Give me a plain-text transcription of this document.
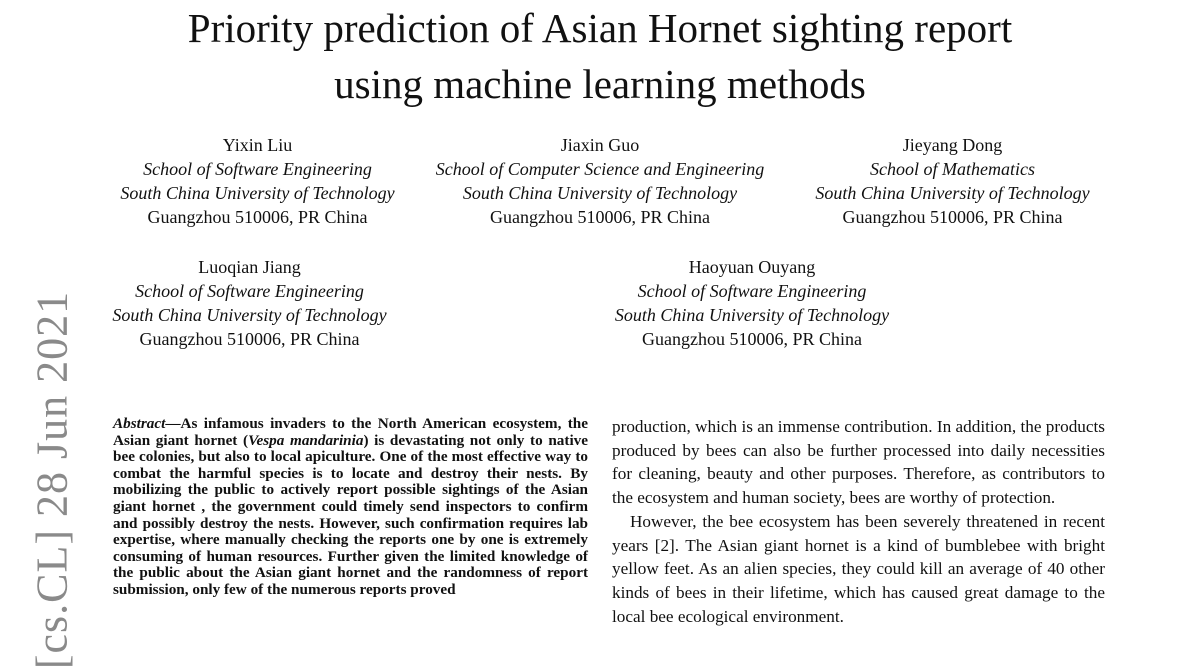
Priority prediction of Asian Hornet sighting report
using machine learning methods
Yixin Liu
School of Software Engineering
South China University of Technology
Guangzhou 510006, PR China
Jiaxin Guo
School of Computer Science and Engineering
South China University of Technology
Guangzhou 510006, PR China
Jieyang Dong
School of Mathematics
South China University of Technology
Guangzhou 510006, PR China
Luoqian Jiang
School of Software Engineering
South China University of Technology
Guangzhou 510006, PR China
Haoyuan Ouyang
School of Software Engineering
South China University of Technology
Guangzhou 510006, PR China
[cs.CL] 28 Jun 2021 Abstract—As infamous invaders to the North American ecosystem, the Asian giant hornet (Vespa mandarinia) is devastating not only to native bee colonies, but also to local apiculture. One of the most effective way to combat the harmful species is to locate and destroy their nests. By mobilizing the public to actively report possible sightings of the Asian giant hornet , the government could timely send inspectors to confirm and possibly destroy the nests. However, such confirmation requires lab expertise, where manually checking the reports one by one is extremely consuming of human resources. Further given the limited knowledge of the public about the Asian giant hornet and the randomness of report submission, only few of the numerous reports proved

production, which is an immense contribution. In addition, the products produced by bees can also be further processed into daily necessities for cleaning, beauty and other purposes. Therefore, as contributors to the ecosystem and human society, bees are worthy of protection.

However, the bee ecosystem has been severely threatened in recent years [2]. The Asian giant hornet is a kind of bumblebee with bright yellow feet. As an alien species, they could kill an average of 40 other kinds of bees in their lifetime, which has caused great damage to the local bee ecological environment.
